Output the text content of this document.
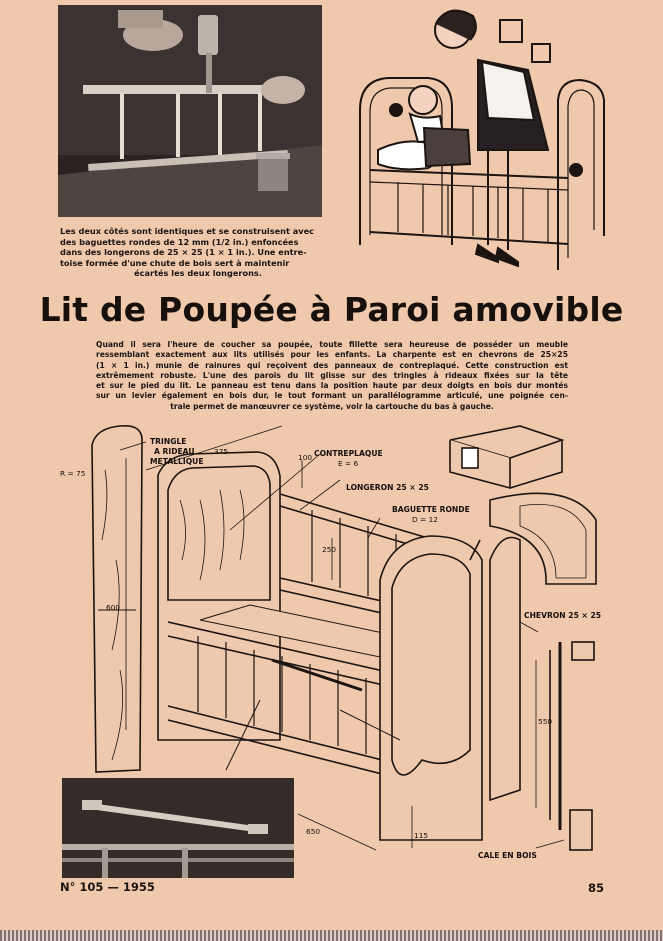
Les deux côtés sont identiques et se construisent avec
des baguettes rondes de 12 mm (1/2 in.) enfoncées
dans des longerons de 25 × 25 (1 × 1 in.). Une entre-
toise formée d'une chute de bois sert à maintenir
écartés les deux longerons.
Lit de Poupée à Paroi amovible
Quand il sera l'heure de coucher sa poupée, toute fillette sera heureuse de posséder un meuble
ressemblant exactement aux lits utilisés pour les enfants. La charpente est en chevrons de 25×25
(1 × 1 in.) munie de rainures qui reçoivent des panneaux de contreplaqué. Cette construction est
extrêmement robuste. L'une des parois du lit glisse sur des tringles à rideaux fixées sur la tête
et sur le pied du lit. Le panneau est tenu dans la position haute par deux doigts en bois dur montés
sur un levier également en bois dur, le tout formant un parallélogramme articulé, une poignée cen-
trale permet de manœuvrer ce système, voir la cartouche du bas à gauche.
R = 75
TRINGLE
A RIDEAU
METALLIQUE
375
100 CONTREPLAQUE
E = 6
LONGERON 25 × 25
BAGUETTE RONDE
D = 12
250
600
CHEVRON 25 × 25
550
650	115
CALE EN BOIS
N° 105 — 1955	85
